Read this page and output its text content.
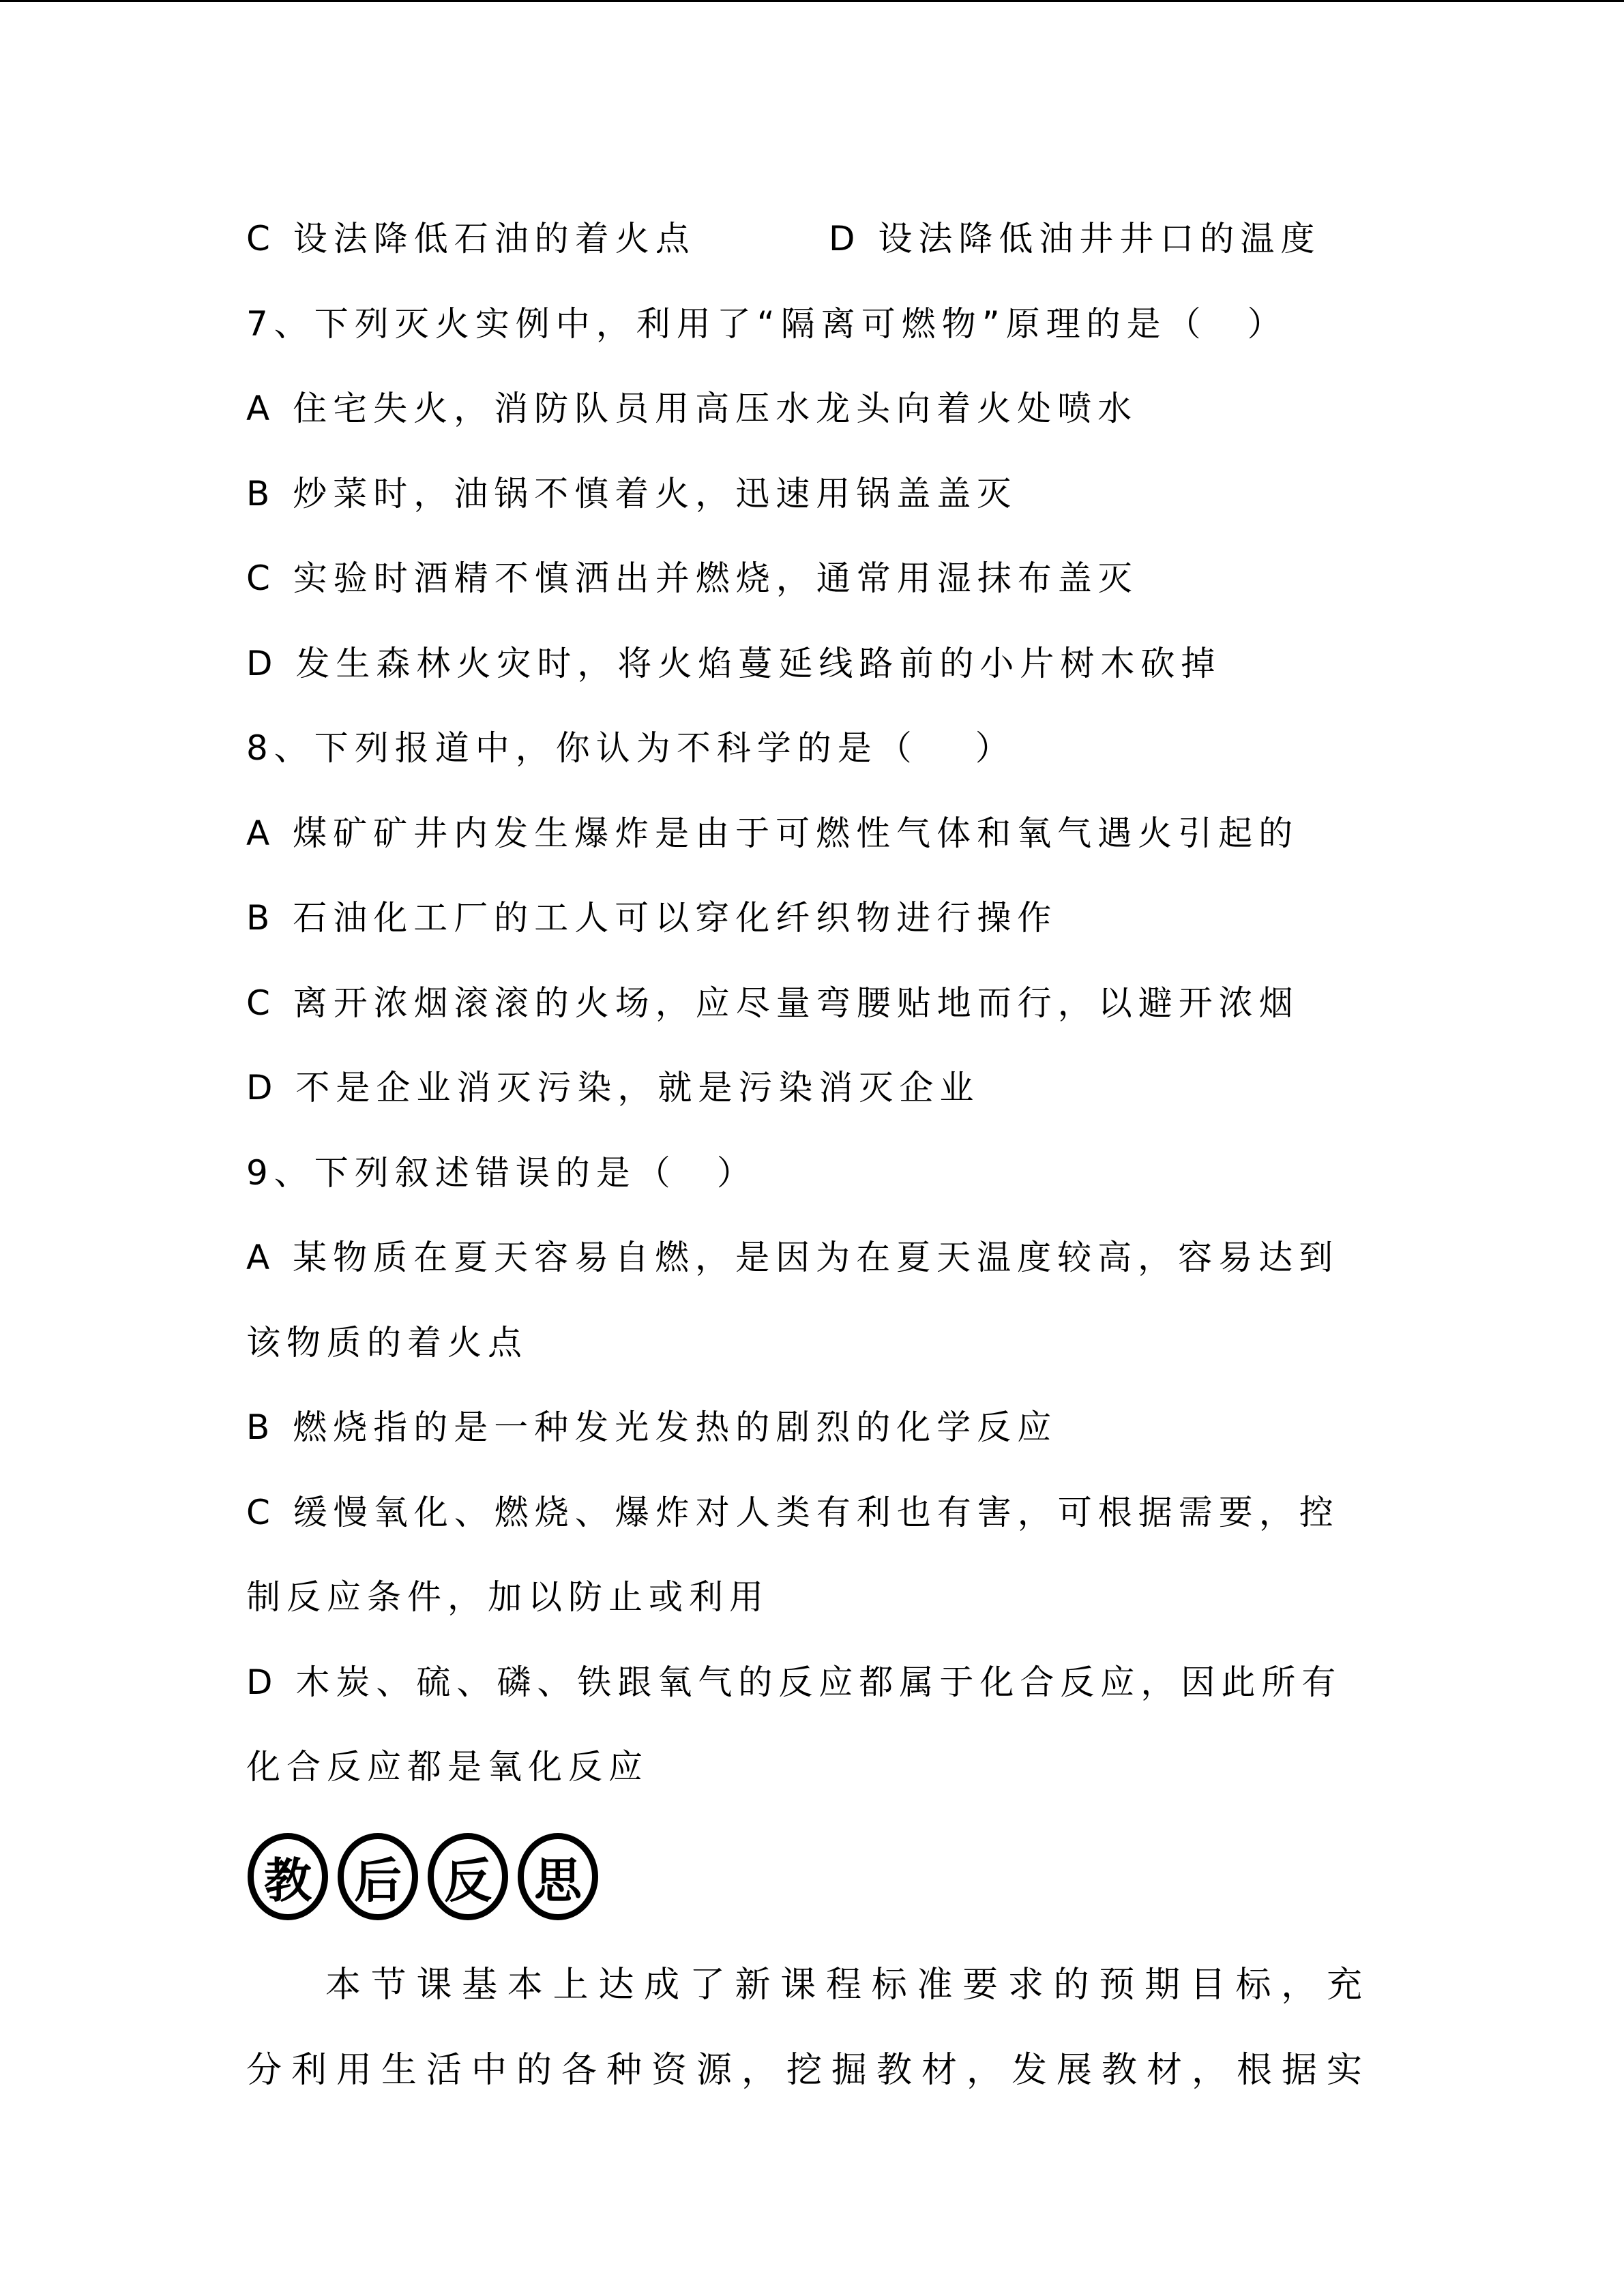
C 设法降低石油的着火点	D 设法降低油井井口的温度
7、下列灭火实例中，利用了“隔离可燃物”原理的是（　）
A 住宅失火，消防队员用高压水龙头向着火处喷水
B 炒菜时，油锅不慎着火，迅速用锅盖盖灭
C 实验时酒精不慎洒出并燃烧，通常用湿抹布盖灭
D 发生森林火灾时，将火焰蔓延线路前的小片树木砍掉
8、下列报道中，你认为不科学的是（　 ）
A 煤矿矿井内发生爆炸是由于可燃性气体和氧气遇火引起的
B 石油化工厂的工人可以穿化纤织物进行操作
C 离开浓烟滚滚的火场，应尽量弯腰贴地而行，以避开浓烟
D 不是企业消灭污染，就是污染消灭企业
9、下列叙述错误的是（　）
A 某物质在夏天容易自燃，是因为在夏天温度较高，容易达到
该物质的着火点
B 燃烧指的是一种发光发热的剧烈的化学反应
C 缓慢氧化、燃烧、爆炸对人类有利也有害，可根据需要，控
制反应条件，加以防止或利用
D 木炭、硫、磷、铁跟氧气的反应都属于化合反应，因此所有
化合反应都是氧化反应
教 后 反 思
本节课基本上达成了新课程标准要求的预期目标，充
分利用生活中的各种资源，挖掘教材，发展教材，根据实
